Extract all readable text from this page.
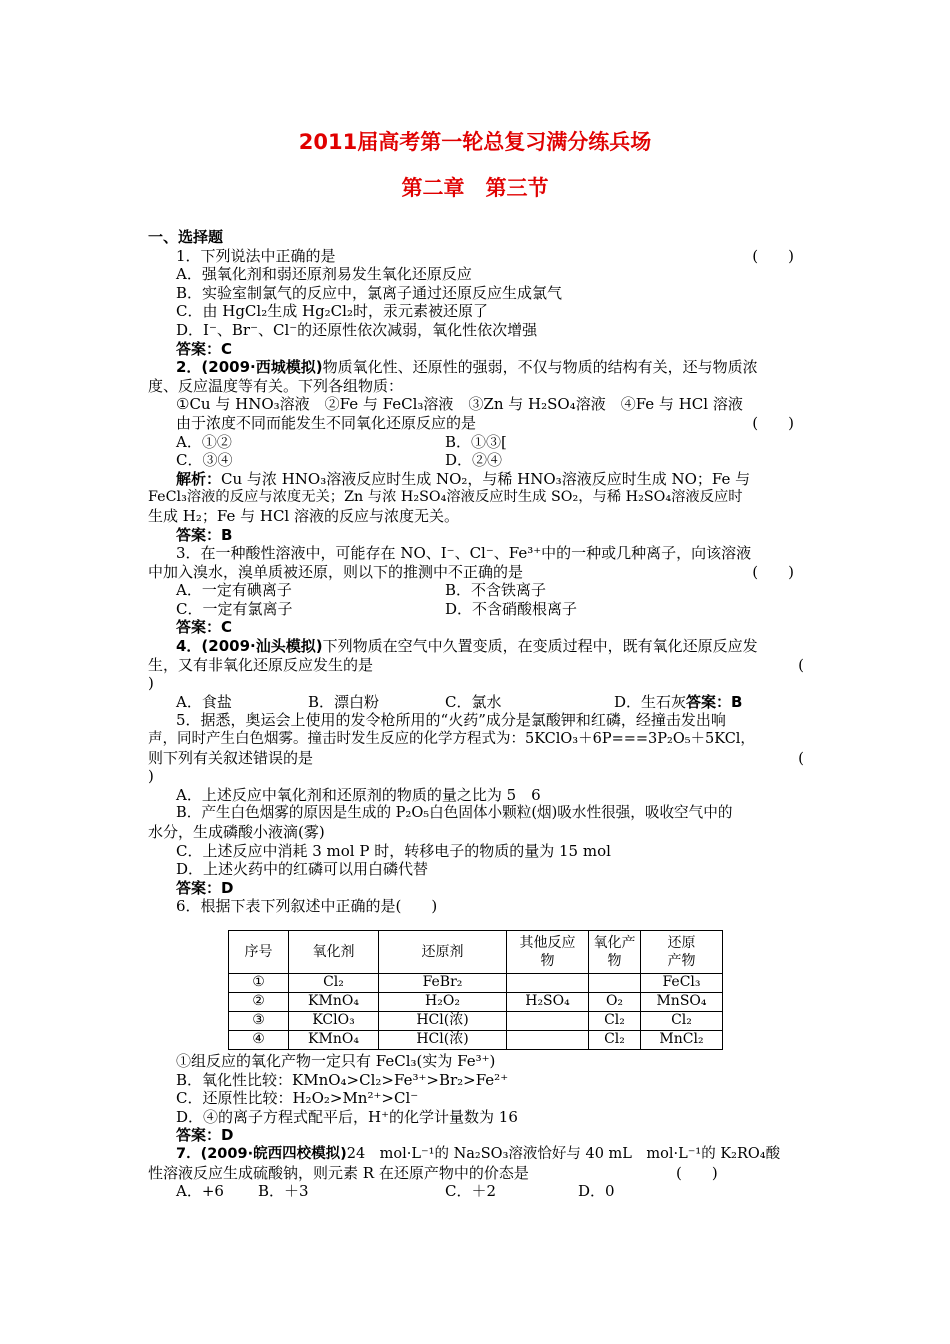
2011届高考第一轮总复习满分练兵场
第二章　第三节
一、选择题
1．下列说法中正确的是	(　　)
A．强氧化剂和弱还原剂易发生氧化还原反应
B．实验室制氯气的反应中，氯离子通过还原反应生成氯气
C．由 HgCl₂生成 Hg₂Cl₂时，汞元素被还原了
D．I⁻、Br⁻、Cl⁻的还原性依次减弱，氧化性依次增强
答案：C
2．(2009·西城模拟)物质氧化性、还原性的强弱，不仅与物质的结构有关，还与物质浓
度、反应温度等有关。下列各组物质：
①Cu 与 HNO₃溶液　②Fe 与 FeCl₃溶液　③Zn 与 H₂SO₄溶液　④Fe 与 HCl 溶液
由于浓度不同而能发生不同氧化还原反应的是	(　　)
A．①②	B．①③[
C．③④	D．②④
解析：Cu 与浓 HNO₃溶液反应时生成 NO₂，与稀 HNO₃溶液反应时生成 NO；Fe 与
FeCl₃溶液的反应与浓度无关；Zn 与浓 H₂SO₄溶液反应时生成 SO₂，与稀 H₂SO₄溶液反应时
生成 H₂；Fe 与 HCl 溶液的反应与浓度无关。
答案：B
3．在一种酸性溶液中，可能存在 NO、I⁻、Cl⁻、Fe³⁺中的一种或几种离子，向该溶液
中加入溴水，溴单质被还原，则以下的推测中不正确的是	(　　)
A．一定有碘离子	B．不含铁离子
C．一定有氯离子	D．不含硝酸根离子
答案：C
4．(2009·汕头模拟)下列物质在空气中久置变质，在变质过程中，既有氧化还原反应发
生，又有非氧化还原反应发生的是	(
)
A．食盐	B．漂白粉	C．氯水	D．生石灰答案：B
5．据悉，奥运会上使用的发令枪所用的“火药”成分是氯酸钾和红磷，经撞击发出响
声，同时产生白色烟雾。撞击时发生反应的化学方程式为：5KClO₃＋6P===3P₂O₅＋5KCl，
则下列有关叙述错误的是	(
)
A．上述反应中氧化剂和还原剂的物质的量之比为 5　6
B．产生白色烟雾的原因是生成的 P₂O₅白色固体小颗粒(烟)吸水性很强，吸收空气中的
水分，生成磷酸小液滴(雾)
C．上述反应中消耗 3 mol P 时，转移电子的物质的量为 15 mol
D．上述火药中的红磷可以用白磷代替
答案：D
6．根据下表下列叙述中正确的是(　　)
序号	氧化剂	还原剂	其他反应物	氧化产物	还原产物
①	Cl₂	FeBr₂			FeCl₃
②	KMnO₄	H₂O₂	H₂SO₄	O₂	MnSO₄
③	KClO₃	HCl(浓)		Cl₂	Cl₂
④	KMnO₄	HCl(浓)		Cl₂	MnCl₂
①组反应的氧化产物一定只有 FeCl₃(实为 Fe³⁺)
B．氧化性比较：KMnO₄>Cl₂>Fe³⁺>Br₂>Fe²⁺
C．还原性比较：H₂O₂>Mn²⁺>Cl⁻
D．④的离子方程式配平后，H⁺的化学计量数为 16
答案：D
7．(2009·皖西四校模拟)24　mol·L⁻¹的 Na₂SO₃溶液恰好与 40 mL　mol·L⁻¹的 K₂RO₄酸
性溶液反应生成硫酸钠，则元素 R 在还原产物中的价态是	(　　)
A．+6 B．＋3	C．＋2	D．0
